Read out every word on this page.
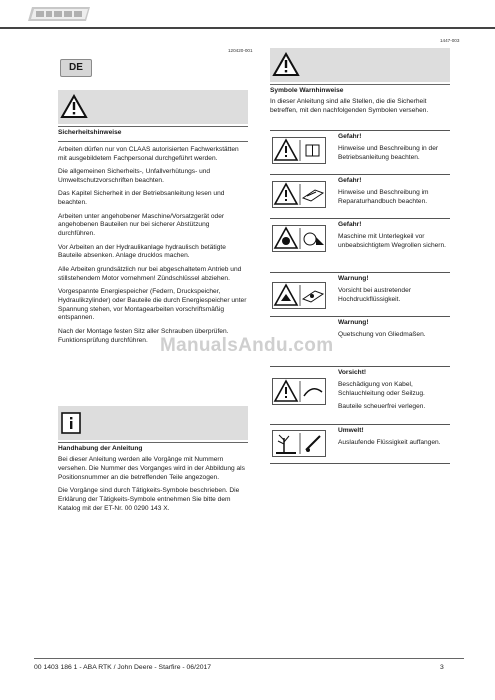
120420-001
1447-003
DE
Sicherheitshinweise

Arbeiten dürfen nur von CLAAS autorisierten Fachwerkstätten mit ausgebildetem Fachpersonal durchgeführt werden.

Die allgemeinen Sicherheits-, Unfallverhütungs- und Umweltschutzvorschriften beachten.

Das Kapitel Sicherheit in der Betriebsanleitung lesen und beachten.

Arbeiten unter angehobener Maschine/Vorsatzgerät oder angehobenen Bauteilen nur bei sicherer Abstützung durchführen.

Vor Arbeiten an der Hydraulikanlage hydraulisch betätigte Bauteile absenken. Anlage drucklos machen.

Alle Arbeiten grundsätzlich nur bei abgeschaltetem Antrieb und stillstehendem Motor vornehmen! Zündschlüssel abziehen.

Vorgespannte Energiespeicher (Federn, Druckspeicher, Hydraulikzylinder) oder Bauteile die durch Energiespeicher unter Spannung stehen, vor Montagearbeiten vorschriftsmäßig entspannen.

Nach der Montage festen Sitz aller Schrauben überprüfen. Funktionsprüfung durchführen.

Handhabung der Anleitung

Bei dieser Anleitung werden alle Vorgänge mit Nummern versehen. Die Nummer des Vorganges wird in der Abbildung als Positionsnummer an die betreffenden Teile angezogen.

Die Vorgänge sind durch Tätigkeits-Symbole beschrieben. Die Erklärung der Tätigkeits-Symbole entnehmen Sie bitte dem Katalog mit der ET-Nr. 00 0290 143 X.

Symbole Warnhinweise

In dieser Anleitung sind alle Stellen, die die Sicherheit betreffen, mit den nachfolgenden Symbolen versehen.

Gefahr!

Hinweise und Beschreibung in der Betriebsanleitung beachten.

Gefahr!

Hinweise und Beschreibung im Reparaturhandbuch beachten.

Gefahr!

Maschine mit Unterlegkeil vor unbeabsichtigtem Wegrollen sichern.

Warnung!

Vorsicht bei austretender Hochdruckflüssigkeit.

Warnung!

Quetschung von Gliedmaßen.

Vorsicht!

Beschädigung von Kabel, Schlauchleitung oder Seilzug.

Bauteile scheuerfrei verlegen.

Umwelt!

Auslaufende Flüssigkeit auffangen.

ManualsAndu.com
00 1403 186 1 - ABA RTK / John Deere - Starfire - 06/2017	3
